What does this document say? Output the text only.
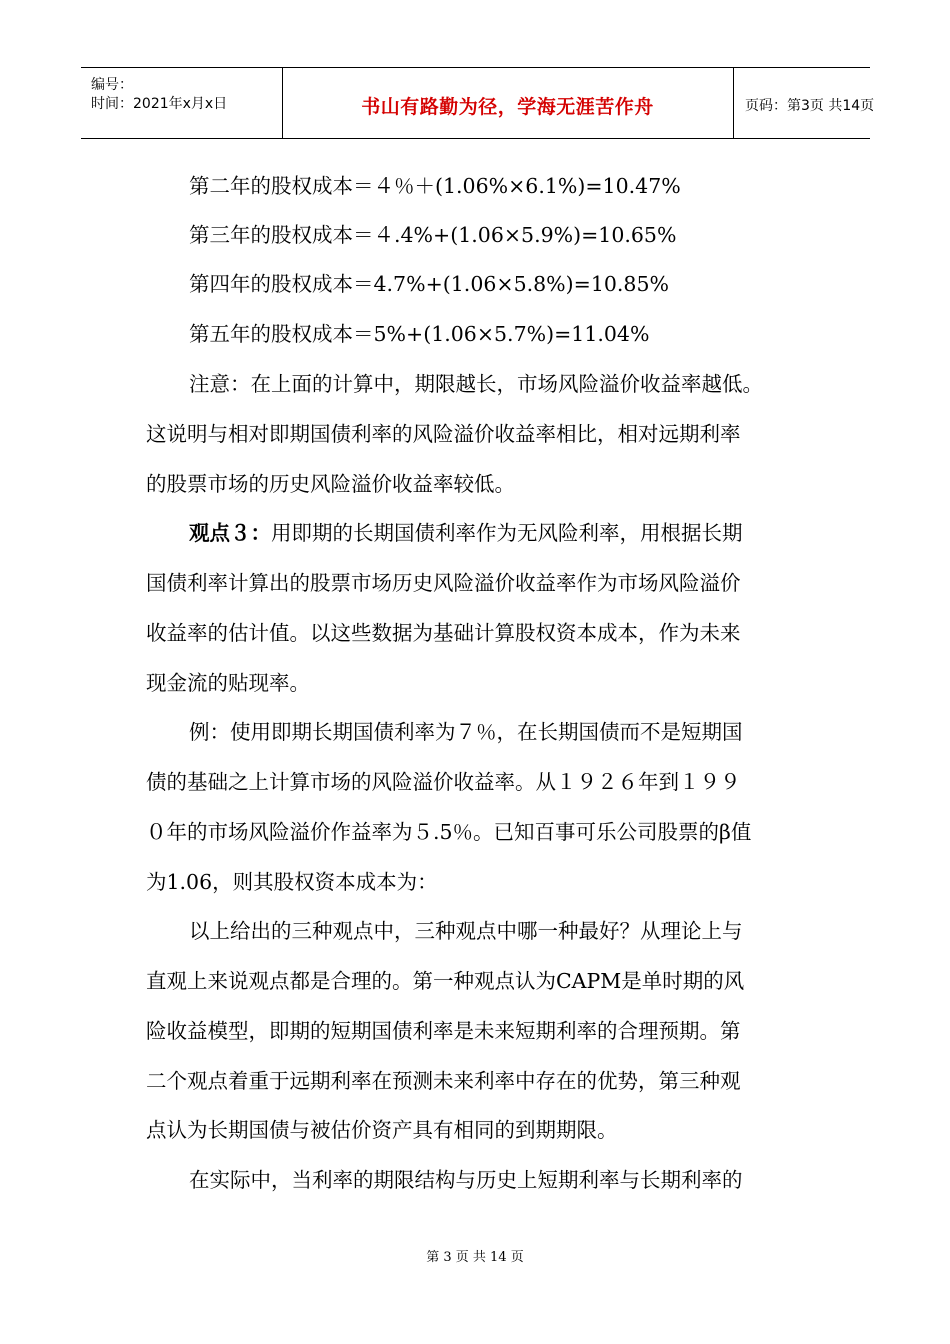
编号：
时间：2021年x月x日	书山有路勤为径，学海无涯苦作舟	页码：第3页 共14页
第二年的股权成本＝４％＋(1.06%×6.1%)=10.47%
第三年的股权成本＝４.4%+(1.06×5.9%)=10.65%
第四年的股权成本＝4.7%+(1.06×5.8%)=10.85%
第五年的股权成本＝5%+(1.06×5.7%)=11.04%
注意：在上面的计算中，期限越长，市场风险溢价收益率越低。
这说明与相对即期国债利率的风险溢价收益率相比，相对远期利率
的股票市场的历史风险溢价收益率较低。
观点３：用即期的长期国债利率作为无风险利率，用根据长期
国债利率计算出的股票市场历史风险溢价收益率作为市场风险溢价
收益率的估计值。以这些数据为基础计算股权资本成本，作为未来
现金流的贴现率。
例：使用即期长期国债利率为７％，在长期国债而不是短期国
债的基础之上计算市场的风险溢价收益率。从１９２６年到１９９
０年的市场风险溢价作益率为５.5％。已知百事可乐公司股票的β值
为1.06，则其股权资本成本为：
以上给出的三种观点中，三种观点中哪一种最好？从理论上与
直观上来说观点都是合理的。第一种观点认为CAPM是单时期的风
险收益模型，即期的短期国债利率是未来短期利率的合理预期。第
二个观点着重于远期利率在预测未来利率中存在的优势，第三种观
点认为长期国债与被估价资产具有相同的到期期限。
在实际中，当利率的期限结构与历史上短期利率与长期利率的
第 3 页 共 14 页
